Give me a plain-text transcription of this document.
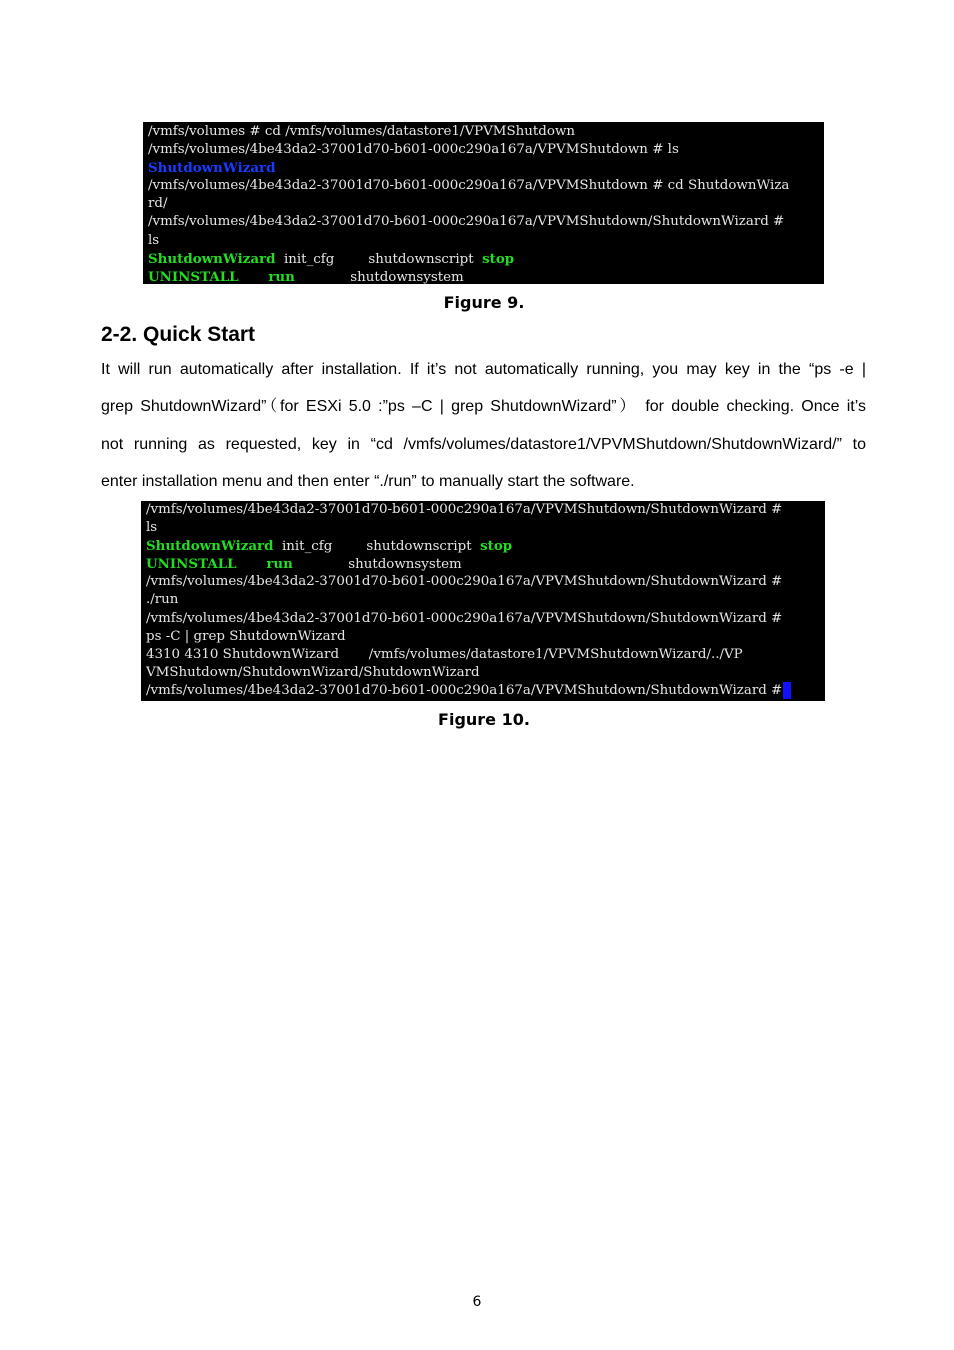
/vmfs/volumes # cd /vmfs/volumes/datastore1/VPVMShutdown
/vmfs/volumes/4be43da2-37001d70-b601-000c290a167a/VPVMShutdown # ls
ShutdownWizard
/vmfs/volumes/4be43da2-37001d70-b601-000c290a167a/VPVMShutdown # cd ShutdownWiza
rd/
/vmfs/volumes/4be43da2-37001d70-b601-000c290a167a/VPVMShutdown/ShutdownWizard #
ls
ShutdownWizard  init_cfg        shutdownscript  stop
UNINSTALL run             shutdownsystem
Figure 9.
2-2. Quick Start
It will run automatically after installation. If it’s not automatically running, you may key in the “ps -e |
grep ShutdownWizard”（for ESXi 5.0 :”ps –C | grep ShutdownWizard”） for double checking. Once it’s
not running as requested, key in “cd /vmfs/volumes/datastore1/VPVMShutdown/ShutdownWizard/” to
enter installation menu and then enter “./run” to manually start the software.
/vmfs/volumes/4be43da2-37001d70-b601-000c290a167a/VPVMShutdown/ShutdownWizard #
ls
ShutdownWizard  init_cfg        shutdownscript  stop
UNINSTALL run             shutdownsystem
/vmfs/volumes/4be43da2-37001d70-b601-000c290a167a/VPVMShutdown/ShutdownWizard #
./run
/vmfs/volumes/4be43da2-37001d70-b601-000c290a167a/VPVMShutdown/ShutdownWizard #
ps -C | grep ShutdownWizard
4310 4310 ShutdownWizard       /vmfs/volumes/datastore1/VPVMShutdownWizard/../VP
VMShutdown/ShutdownWizard/ShutdownWizard
/vmfs/volumes/4be43da2-37001d70-b601-000c290a167a/VPVMShutdown/ShutdownWizard #
Figure 10.
6
